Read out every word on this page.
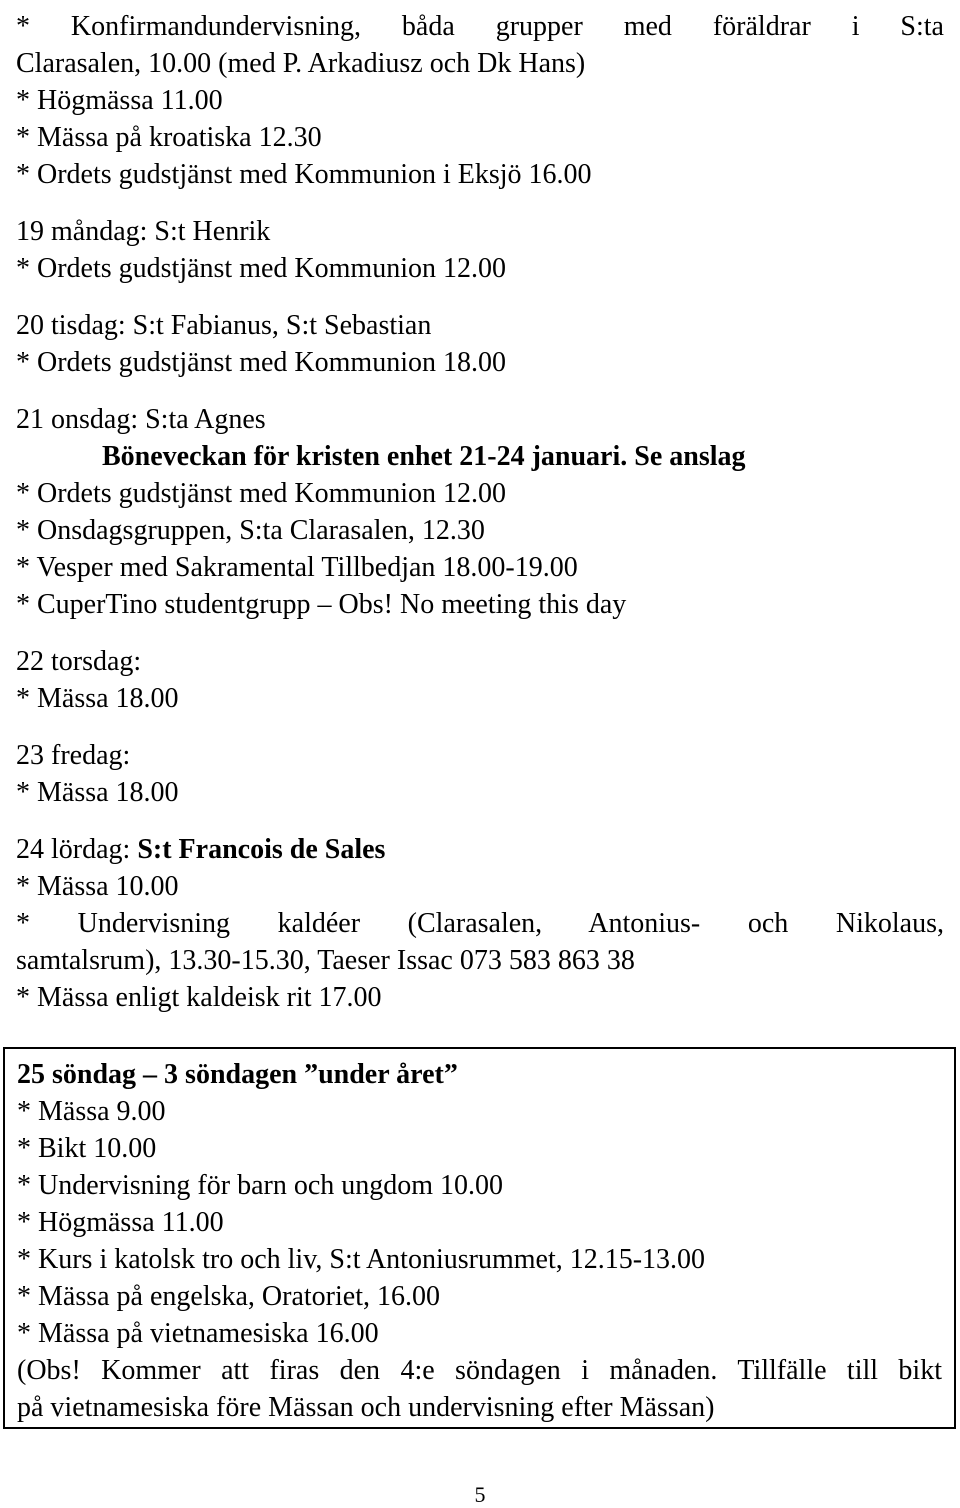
* Konfirmandundervisning, båda grupper med föräldrar i S:ta

Clarasalen, 10.00 (med P. Arkadiusz och Dk Hans)

* Högmässa 11.00

* Mässa på kroatiska 12.30

* Ordets gudstjänst med Kommunion i Eksjö 16.00

19 måndag: S:t Henrik

* Ordets gudstjänst med Kommunion 12.00

20 tisdag: S:t Fabianus, S:t Sebastian

* Ordets gudstjänst med Kommunion 18.00

21 onsdag: S:ta Agnes

Böneveckan för kristen enhet 21-24 januari. Se anslag

* Ordets gudstjänst med Kommunion 12.00

* Onsdagsgruppen, S:ta Clarasalen, 12.30

* Vesper med Sakramental Tillbedjan 18.00-19.00

* CuperTino studentgrupp – Obs! No meeting this day

22 torsdag:

* Mässa 18.00

23 fredag:

* Mässa 18.00

24 lördag: S:t Francois de Sales

* Mässa 10.00

* Undervisning kaldéer (Clarasalen, Antonius- och Nikolaus,

samtalsrum), 13.30-15.30, Taeser Issac 073 583 863 38

* Mässa enligt kaldeisk rit 17.00

25 söndag – 3 söndagen ”under året”

* Mässa 9.00

* Bikt 10.00

* Undervisning för barn och ungdom 10.00

* Högmässa 11.00

* Kurs i katolsk tro och liv, S:t Antoniusrummet, 12.15-13.00

* Mässa på engelska, Oratoriet, 16.00

* Mässa på vietnamesiska 16.00

(Obs! Kommer att firas den 4:e söndagen i månaden. Tillfälle till bikt

på vietnamesiska före Mässan och undervisning efter Mässan)

5
